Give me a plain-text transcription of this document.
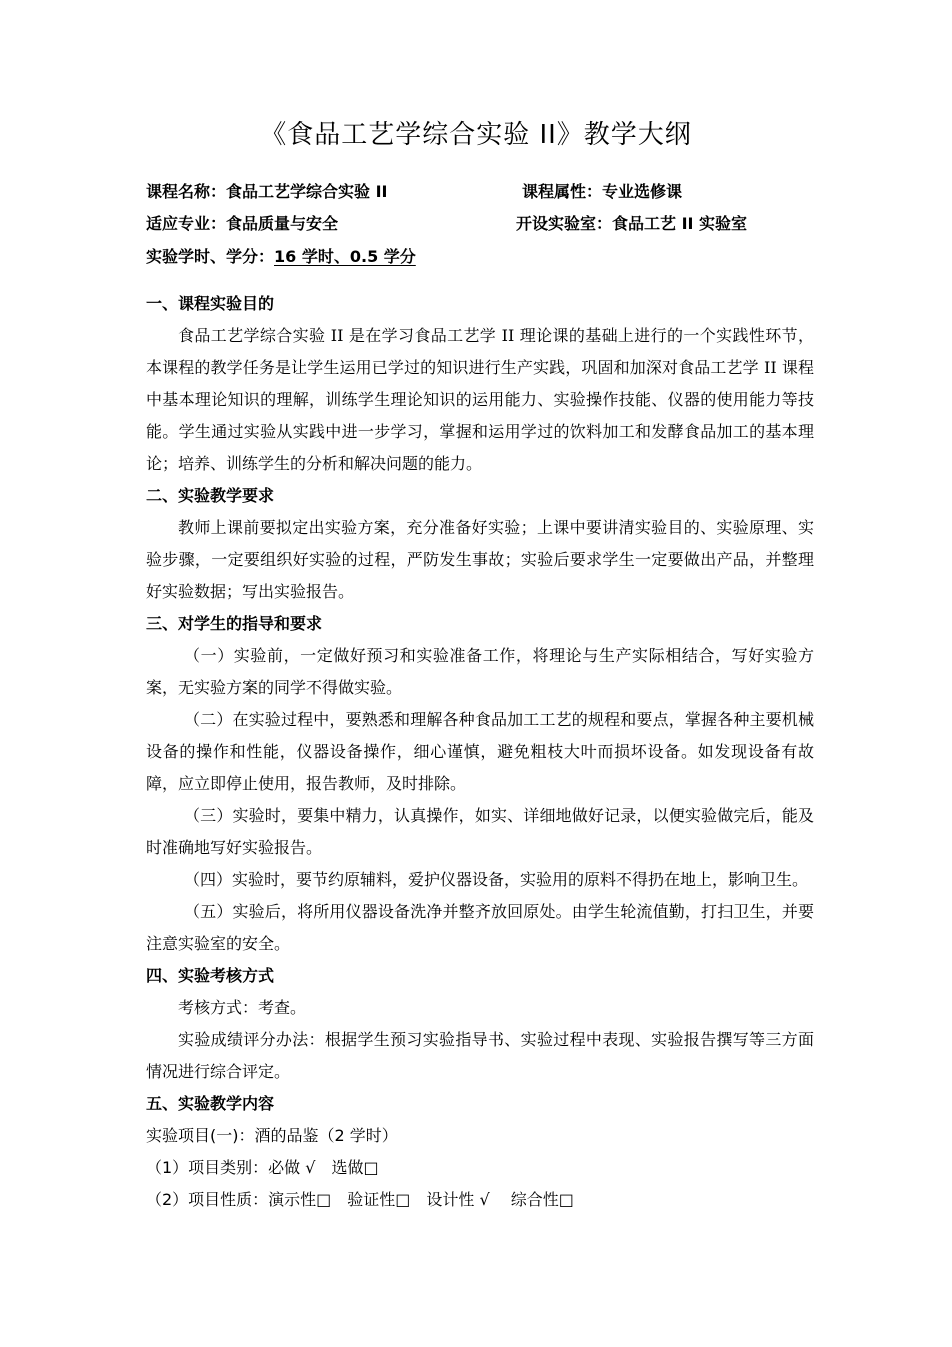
《食品工艺学综合实验 II》教学大纲
课程名称：食品工艺学综合实验 II	课程属性：专业选修课
适应专业：食品质量与安全	开设实验室：食品工艺 II 实验室
实验学时、学分：16 学时、0.5 学分
一、课程实验目的
食品工艺学综合实验 II 是在学习食品工艺学 II 理论课的基础上进行的一个实践性环节，本课程的教学任务是让学生运用已学过的知识进行生产实践，巩固和加深对食品工艺学 II 课程中基本理论知识的理解，训练学生理论知识的运用能力、实验操作技能、仪器的使用能力等技能。学生通过实验从实践中进一步学习，掌握和运用学过的饮料加工和发酵食品加工的基本理论；培养、训练学生的分析和解决问题的能力。
二、实验教学要求
教师上课前要拟定出实验方案，充分准备好实验；上课中要讲清实验目的、实验原理、实验步骤，一定要组织好实验的过程，严防发生事故；实验后要求学生一定要做出产品，并整理好实验数据；写出实验报告。
三、对学生的指导和要求
（一）实验前，一定做好预习和实验准备工作，将理论与生产实际相结合，写好实验方案，无实验方案的同学不得做实验。
（二）在实验过程中，要熟悉和理解各种食品加工工艺的规程和要点，掌握各种主要机械设备的操作和性能，仪器设备操作，细心谨慎，避免粗枝大叶而损坏设备。如发现设备有故障，应立即停止使用，报告教师，及时排除。
（三）实验时，要集中精力，认真操作，如实、详细地做好记录，以便实验做完后，能及时准确地写好实验报告。
（四）实验时，要节约原辅料，爱护仪器设备，实验用的原料不得扔在地上，影响卫生。
（五）实验后，将所用仪器设备洗净并整齐放回原处。由学生轮流值勤，打扫卫生，并要注意实验室的安全。
四、实验考核方式
考核方式：考查。
实验成绩评分办法：根据学生预习实验指导书、实验过程中表现、实验报告撰写等三方面情况进行综合评定。
五、实验教学内容
实验项目(一)：酒的品鉴（2 学时）
（1）项目类别：必做 √　选做□
（2）项目性质：演示性□　验证性□　设计性 √　 综合性□
